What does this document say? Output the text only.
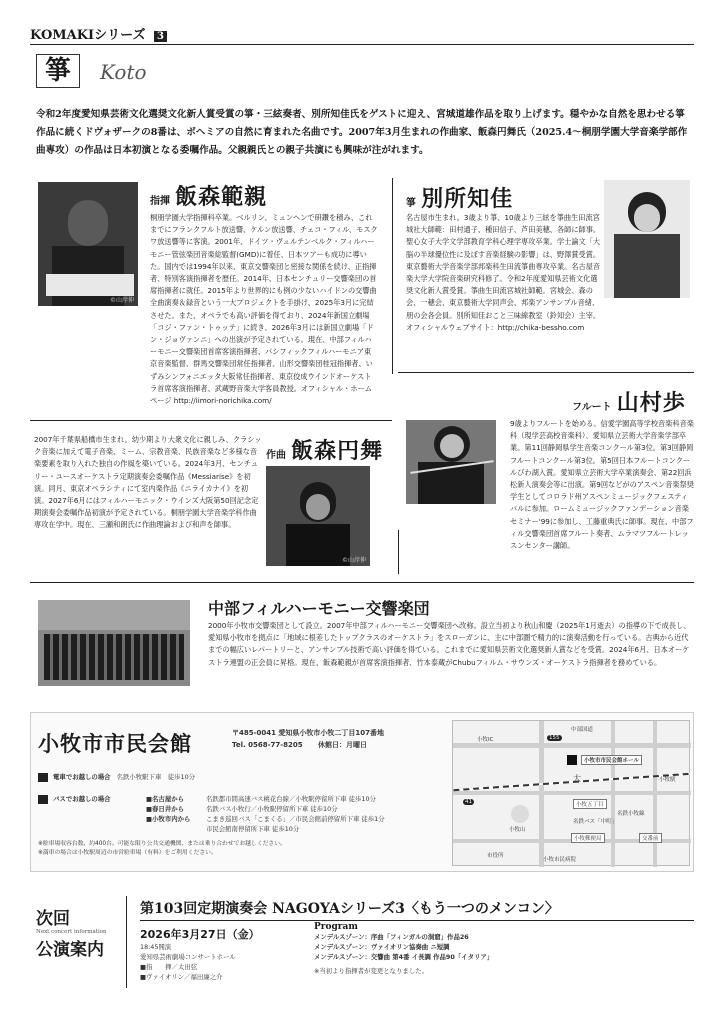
KOMAKIシリーズ 3
箏	Koto
令和2年度愛知県芸術文化選奨文化新人賞受賞の箏・三絃奏者、別所知佳氏をゲストに迎え、宮城道雄作品を取り上げます。穏やかな自然を思わせる箏作品に続くドヴォザークの8番は、ボヘミアの自然に育まれた名曲です。2007年3月生まれの作曲家、飯森円舞氏（2025.4〜桐朋学園大学音楽学部作曲専攻）の作品は日本初演となる委嘱作品。父親親氏との親子共演にも興味が注がれます。
©山岸伸
指揮 飯森範親
桐朋学園大学指揮科卒業。ベルリン、ミュンヘンで研鑽を積み、これまでにフランクフルト放送響、ケルン放送響、チェコ・フィル、モスクワ放送響等に客演。2001年、ドイツ・ヴュルテンベルク・フィルハーモニー管弦楽団音楽総監督(GMD)に着任、日本ツアーも成功に導いた。国内では1994年以来、東京交響楽団と密接な関係を続け、正指揮者、特別客演指揮者を歴任。2014年、日本センチュリー交響楽団の首席指揮者に就任。2015年より世界的にも例の少ないハイドンの交響曲全曲演奏＆録音という一大プロジェクトを手掛け、2025年3月に完結させた。また、オペラでも高い評価を得ており、2024年新国立劇場「コジ・ファン・トゥッテ」に続き、2026年3月には新国立劇場「ドン・ジョヴァンニ」への出演が予定されている。現在、中部フィルハーモニー交響楽団首席客演指揮者、パシフィックフィルハーモニア東京音楽監督、群馬交響楽団常任指揮者、山形交響楽団桂冠指揮者、いずみシンフォニエッタ大阪常任指揮者、東京佼成ウインドオーケストラ首席客演指揮者、武蔵野音楽大学客員教授。オフィシャル・ホームページ http://iimori-norichika.com/
箏 別所知佳
名古屋市生まれ。3歳より箏、10歳より三絃を箏曲生田流宮城社大師範：田村通子、種田信子、芦田美穂、各師に師事。聖心女子大学文学部教育学科心理学専攻卒業。学士論文「大脳の半球優位性に及ぼす音楽経験の影響」は、野澤賞受賞。東京藝術大学音楽学部邦楽科生田流箏曲専攻卒業。名古屋音楽大学大学院音楽研究科修了。令和2年度愛知県芸術文化選奨文化新人賞受賞。箏曲生田流宮城社師範。宮城会、森の会、一穂会、東京藝術大学同声会、邦楽アンサンブル音緒、朋の会各会員。別所知佳おこと三味線教室（鈴知会）主宰。 オフィシャルウェブサイト：http://chika-bessho.com
フルート 山村歩
9歳よりフルートを始める。信愛学園高等学校音楽科音楽科（現学芸高校音楽科）、愛知県立芸術大学音楽学部卒業。第11回静岡県学生音楽コンクール第3位。第3回静岡フルートコンクール第3位。第5回日本フルートコンクールびわ湖入賞。愛知県立芸術大学卒業演奏会、第22回浜松新人演奏会等に出演。第9回などがのアスペン音楽祭奨学生としてコロラド州アスペンミュージックフェスティバルに参加。ロームミュージックファンデーション音楽セミナー'99に参加し、工藤重典氏に師事。現在、中部フィル交響楽団首席フルート奏者、ムラマツフルートレッスンセンター講師。
2007年千葉県船橋市生まれ。幼少期より大衆文化に親しみ、クラシック音楽に加えて電子音楽、ミーム、宗教音楽、民族音楽など多様な音楽要素を取り入れた独自の作風を築いている。2024年3月、センチュリー・ユースオーケストラ定期演奏会委嘱作品《Messiarise》を初演。同月、東京オペラシティにて室内楽作品《ニライカナイ》を初演。2027年6月にはフィルハーモニック・ウインズ大阪第50回記念定期演奏会委嘱作品初演が予定されている。桐朋学園大学音楽学科作曲専攻在学中。現在、三瀬和朗氏に作曲理論および和声を師事。
作曲 飯森円舞
©山岸伸
中部フィルハーモニー交響楽団
2000年小牧市交響楽団として設立。2007年中部フィルハーモニー交響楽団へ改称。設立当初より秋山和慶（2025年1月逝去）の指導の下で成長し、愛知県小牧市を拠点に「地域に根差したトップクラスのオーケストラ」をスローガンに、主に中部圏で精力的に演奏活動を行っている。古典から近代までの幅広いレパートリーと、アンサンブル技術で高い評価を得ている。これまでに愛知県芸術文化選奨新人賞などを受賞。2024年6月、日本オーケストラ連盟の正会員に昇格。現在、飯森範親が首席客演指揮者、竹本泰蔵がChubuフィルム・サウンズ・オーケストラ指揮者を務めている。
小牧市市民会館	〒485-0041 愛知県小牧市小牧二丁目107番地
Tel. 0568-77-8205 休館日：月曜日
電車でお越しの場合 名鉄小牧駅下車　徒歩10分
バスでお越しの場合	■名古屋から	名鉄都市間高速バス桃花台線／小牧駅停留所下車 徒歩10分
■春日井から	名鉄バス小牧行／小牧駅停留所下車 徒歩10分
■小牧市内から こまき巡回バス「こまくる」／市民会館前停留所下車 徒歩1分
市民会館南停留所下車 徒歩10分
※駐車場収容台数、約400台。可能な限り公共交通機関、または乗り合わせでお越しください。
※満車の場合は小牧駅周辺の市営駐車場（有料）をご利用ください。
小牧市市民会館ホール
中部国道
小牧IC	155
41
小牧駅
大
小牧山
小牧五丁目
名鉄小牧線
名鉄バス「中町」
小牧郵便局	交番前
市役所
小牧市民病院
次回
Next concert information
公演案内
第103回定期演奏会 NAGOYAシリーズ3〈もう一つのメンコン〉
2026年3月27日（金）
18:45開演
愛知県芸術劇場コンサートホール
■指　　揮／太田弦
■ヴァイオリン／福田廉之介
Program
メンデルスゾーン：序曲「フィンガルの洞窟」作品26
メンデルスゾーン：ヴァイオリン協奏曲 ニ短調
メンデルスゾーン：交響曲 第4番 イ長調 作品90「イタリア」
※当初より指揮者が変更となりました。
